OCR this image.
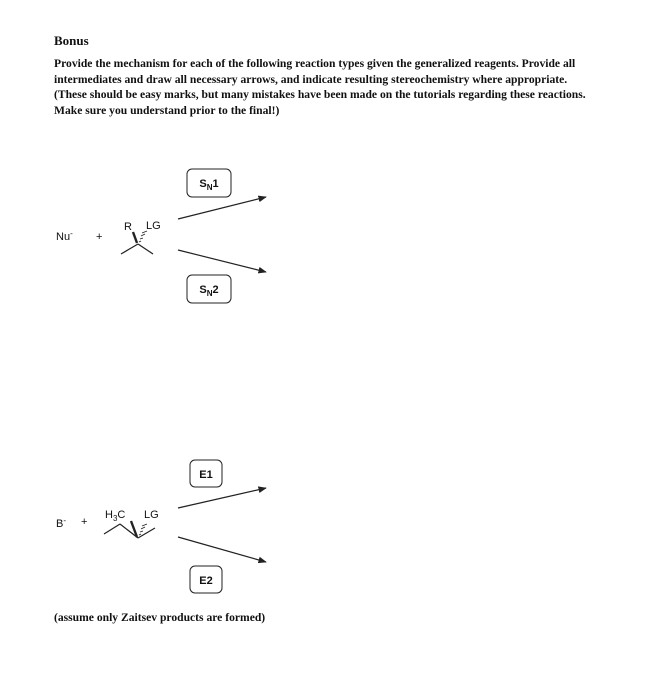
Bonus

Provide the mechanism for each of the following reaction types given the generalized reagents. Provide all intermediates and draw all necessary arrows, and indicate resulting stereochemistry where appropriate. (These should be easy marks, but many mistakes have been made on the tutorials regarding these reactions. Make sure you understand prior to the final!)

Nu- +
R LG
$S_N1$
$S_N2$
B- +
$H_3C$ LG
E1
E2
(assume only Zaitsev products are formed)
